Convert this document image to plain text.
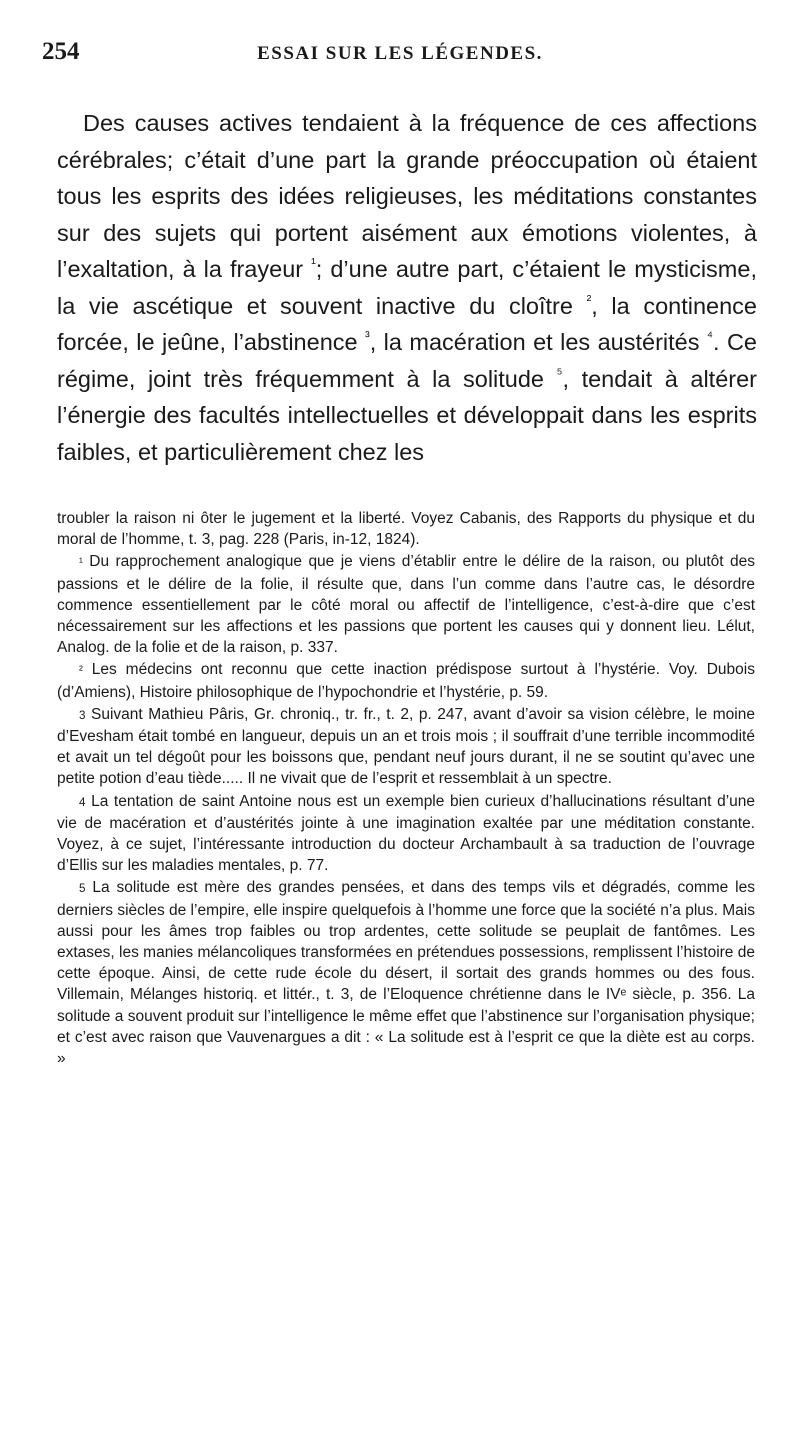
254	ESSAI SUR LES LÉGENDES.

Des causes actives tendaient à la fréquence de ces affections cérébrales; c’était d’une part la grande préoccupation où étaient tous les esprits des idées religieuses, les méditations constantes sur des sujets qui portent aisément aux émotions violentes, à l’exaltation, à la frayeur $^{^1}$; d’une autre part, c’étaient le mysticisme, la vie ascétique et souvent inactive du cloître $^{^2}$, la continence forcée, le jeûne, l’abstinence $^{^3}$, la macération et les austérités $^{^4}$. Ce régime, joint très fréquemment à la solitude $^{^5}$, tendait à altérer l’énergie des facultés intellectuelles et développait dans les esprits faibles, et particulièrement chez les

troubler la raison ni ôter le jugement et la liberté. Voyez Cabanis, des Rapports du physique et du moral de l’homme, t. 3, pag. 228 (Paris, in-12, 1824).

¹ Du rapprochement analogique que je viens d’établir entre le délire de la raison, ou plutôt des passions et le délire de la folie, il résulte que, dans l’un comme dans l’autre cas, le désordre commence essentiellement par le côté moral ou affectif de l’intelligence, c’est-à-dire que c’est nécessairement sur les affections et les passions que portent les causes qui y donnent lieu. Lélut, Analog. de la folie et de la raison, p. 337.

² Les médecins ont reconnu que cette inaction prédispose surtout à l’hystérie. Voy. Dubois (d’Amiens), Histoire philosophique de l’hypochondrie et l’hystérie, p. 59.

3 Suivant Mathieu Pâris, Gr. chroniq., tr. fr., t. 2, p. 247, avant d’avoir sa vision célèbre, le moine d’Evesham était tombé en langueur, depuis un an et trois mois ; il souffrait d’une terrible incommodité et avait un tel dégoût pour les boissons que, pendant neuf jours durant, il ne se soutint qu’avec une petite potion d’eau tiède..... Il ne vivait que de l’esprit et ressemblait à un spectre.

4 La tentation de saint Antoine nous est un exemple bien curieux d’hallucinations résultant d’une vie de macération et d’austérités jointe à une imagination exaltée par une méditation constante. Voyez, à ce sujet, l’intéressante introduction du docteur Archambault à sa traduction de l’ouvrage d’Ellis sur les maladies mentales, p. 77.

5 La solitude est mère des grandes pensées, et dans des temps vils et dégradés, comme les derniers siècles de l’empire, elle inspire quelquefois à l’homme une force que la société n’a plus. Mais aussi pour les âmes trop faibles ou trop ardentes, cette solitude se peuplait de fantômes. Les extases, les manies mélancoliques transformées en prétendues possessions, remplissent l’histoire de cette époque. Ainsi, de cette rude école du désert, il sortait des grands hommes ou des fous. Villemain, Mélanges historiq. et littér., t. 3, de l’Eloquence chrétienne dans le IVᵉ siècle, p. 356. La solitude a souvent produit sur l’intelligence le même effet que l’abstinence sur l’organisation physique; et c’est avec raison que Vauvenargues a dit : « La solitude est à l’esprit ce que la diète est au corps. »
